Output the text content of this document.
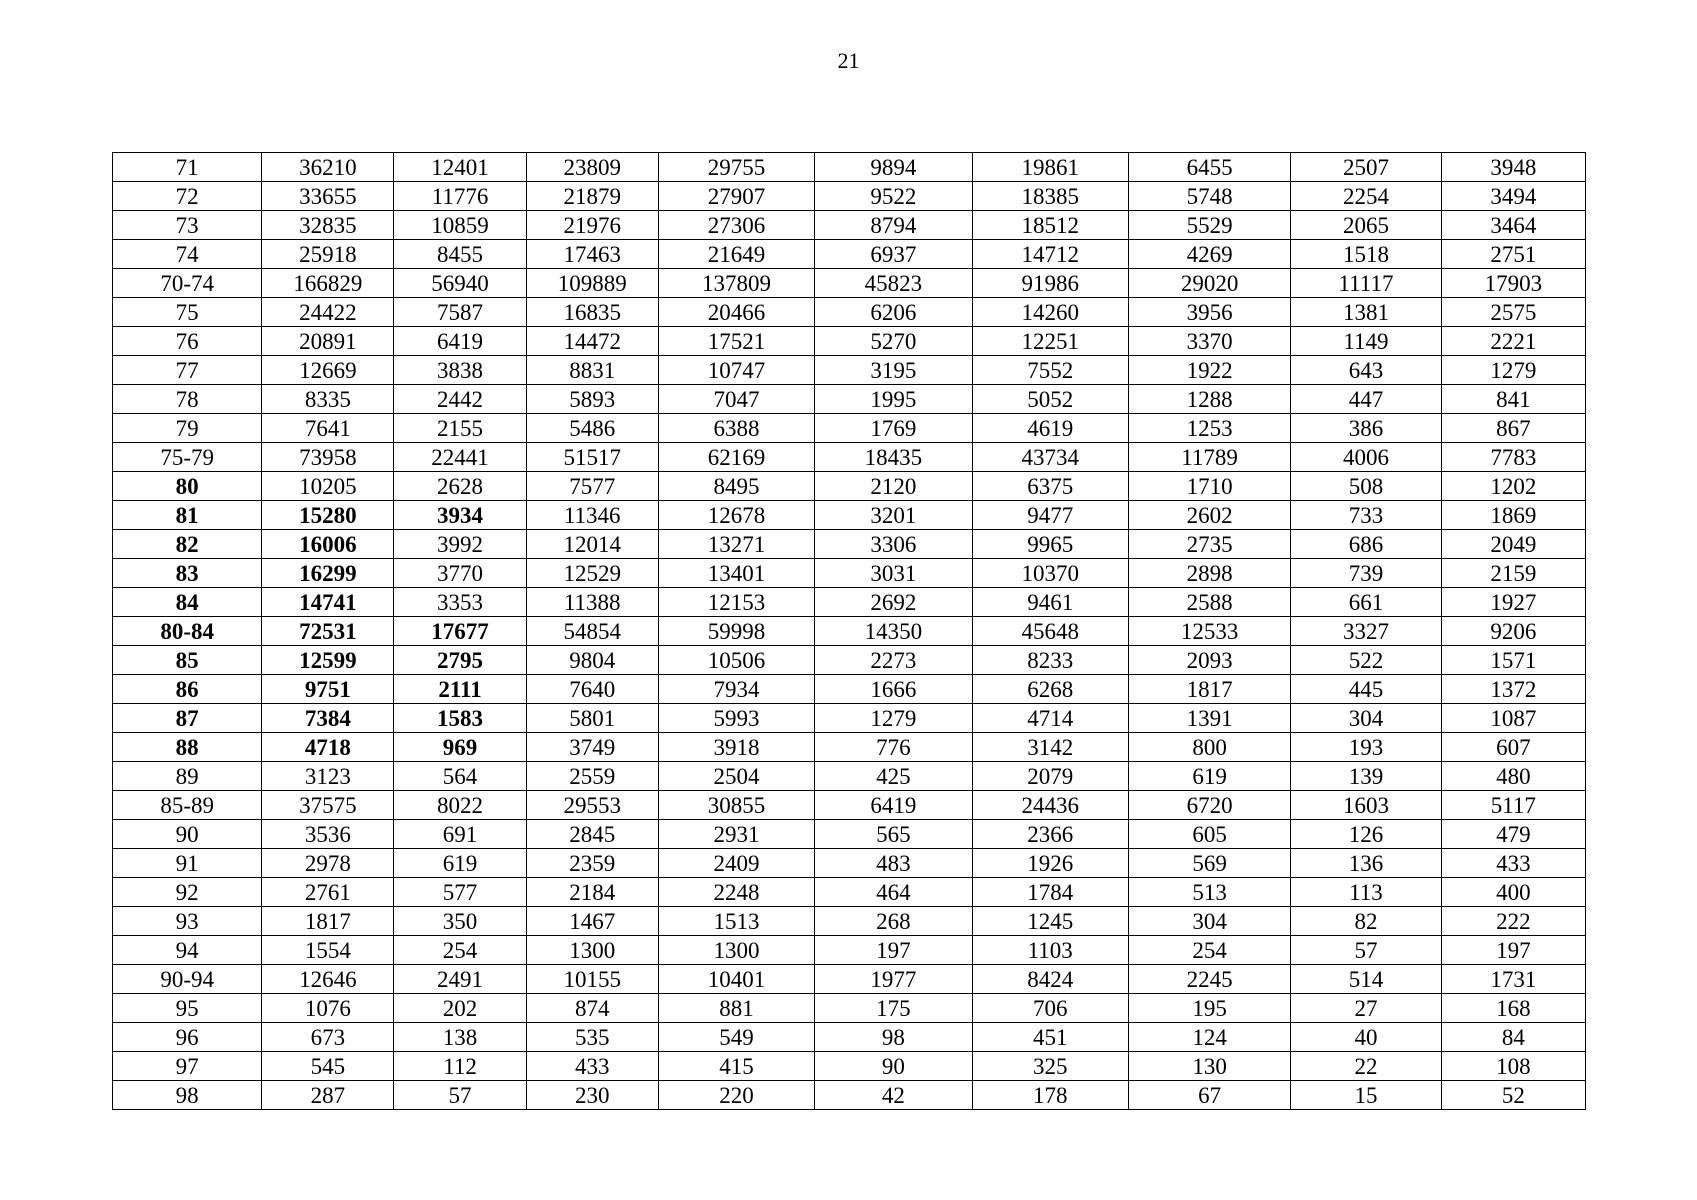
21
71	36210	12401	23809	29755	9894	19861	6455	2507	3948
72	33655	11776	21879	27907	9522	18385	5748	2254	3494
73	32835	10859	21976	27306	8794	18512	5529	2065	3464
74	25918	8455	17463	21649	6937	14712	4269	1518	2751
70-74	166829	56940	109889	137809	45823	91986	29020	11117	17903
75	24422	7587	16835	20466	6206	14260	3956	1381	2575
76	20891	6419	14472	17521	5270	12251	3370	1149	2221
77	12669	3838	8831	10747	3195	7552	1922	643	1279
78	8335	2442	5893	7047	1995	5052	1288	447	841
79	7641	2155	5486	6388	1769	4619	1253	386	867
75-79	73958	22441	51517	62169	18435	43734	11789	4006	7783
80	10205	2628	7577	8495	2120	6375	1710	508	1202
81	15280	3934	11346	12678	3201	9477	2602	733	1869
82	16006	3992	12014	13271	3306	9965	2735	686	2049
83	16299	3770	12529	13401	3031	10370	2898	739	2159
84	14741	3353	11388	12153	2692	9461	2588	661	1927
80-84	72531	17677	54854	59998	14350	45648	12533	3327	9206
85	12599	2795	9804	10506	2273	8233	2093	522	1571
86	9751	2111	7640	7934	1666	6268	1817	445	1372
87	7384	1583	5801	5993	1279	4714	1391	304	1087
88	4718	969	3749	3918	776	3142	800	193	607
89	3123	564	2559	2504	425	2079	619	139	480
85-89	37575	8022	29553	30855	6419	24436	6720	1603	5117
90	3536	691	2845	2931	565	2366	605	126	479
91	2978	619	2359	2409	483	1926	569	136	433
92	2761	577	2184	2248	464	1784	513	113	400
93	1817	350	1467	1513	268	1245	304	82	222
94	1554	254	1300	1300	197	1103	254	57	197
90-94	12646	2491	10155	10401	1977	8424	2245	514	1731
95	1076	202	874	881	175	706	195	27	168
96	673	138	535	549	98	451	124	40	84
97	545	112	433	415	90	325	130	22	108
98	287	57	230	220	42	178	67	15	52
